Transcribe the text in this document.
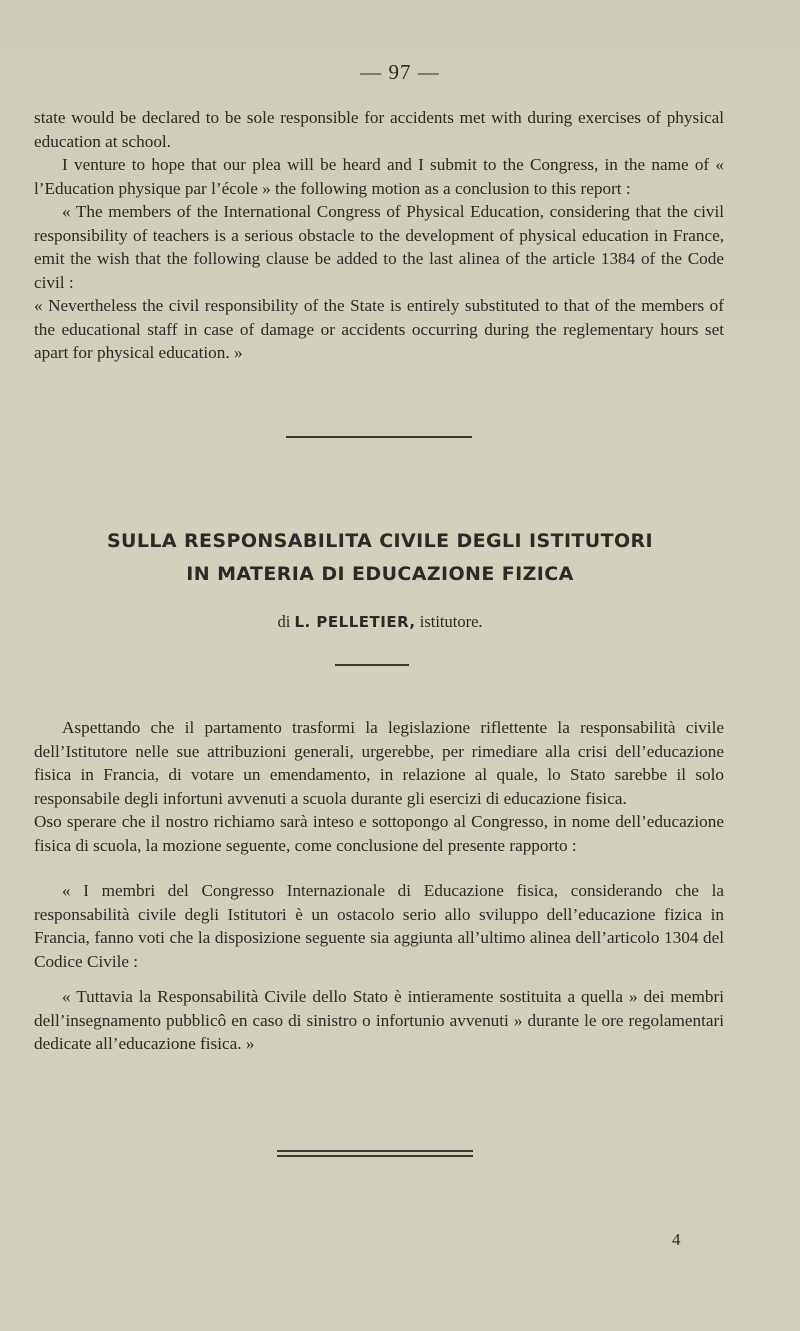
— 97 —

state would be declared to be sole responsible for accidents met with during exercises of physical education at school.

I venture to hope that our plea will be heard and I submit to the Congress, in the name of « l’Education physique par l’école » the following motion as a conclusion to this report :

« The members of the International Congress of Physical Education, considering that the civil responsibility of teachers is a serious obstacle to the development of physical education in France, emit the wish that the following clause be added to the last alinea of the article 1384 of the Code civil :

« Nevertheless the civil responsibility of the State is entirely substituted to that of the members of the educational staff in case of damage or accidents occurring during the reglementary hours set apart for physical education. »

SULLA RESPONSABILITA CIVILE DEGLI ISTITUTORI
IN MATERIA DI EDUCAZIONE FIZICA
di L. PELLETIER, istitutore.

Aspettando che il partamento trasformi la legislazione riflettente la responsabilità civile dell’Istitutore nelle sue attribuzioni generali, urgerebbe, per rimediare alla crisi dell’educazione fisica in Francia, di votare un emendamento, in relazione al quale, lo Stato sarebbe il solo responsabile degli infortuni avvenuti a scuola durante gli esercizi di educazione fisica.

Oso sperare che il nostro richiamo sarà inteso e sottopongo al Congresso, in nome dell’educazione fisica di scuola, la mozione seguente, come conclusione del presente rapporto :

« I membri del Congresso Internazionale di Educazione fisica, considerando che la responsabilità civile degli Istitutori è un ostacolo serio allo sviluppo dell’educazione fizica in Francia, fanno voti che la disposizione seguente sia aggiunta all’ultimo alinea dell’articolo 1304 del Codice Civile :

« Tuttavia la Responsabilità Civile dello Stato è intieramente sostituita a quella » dei membri dell’insegnamento pubblicô en caso di sinistro o infortunio avvenuti » durante le ore regolamentari dedicate all’educazione fisica. »

4
